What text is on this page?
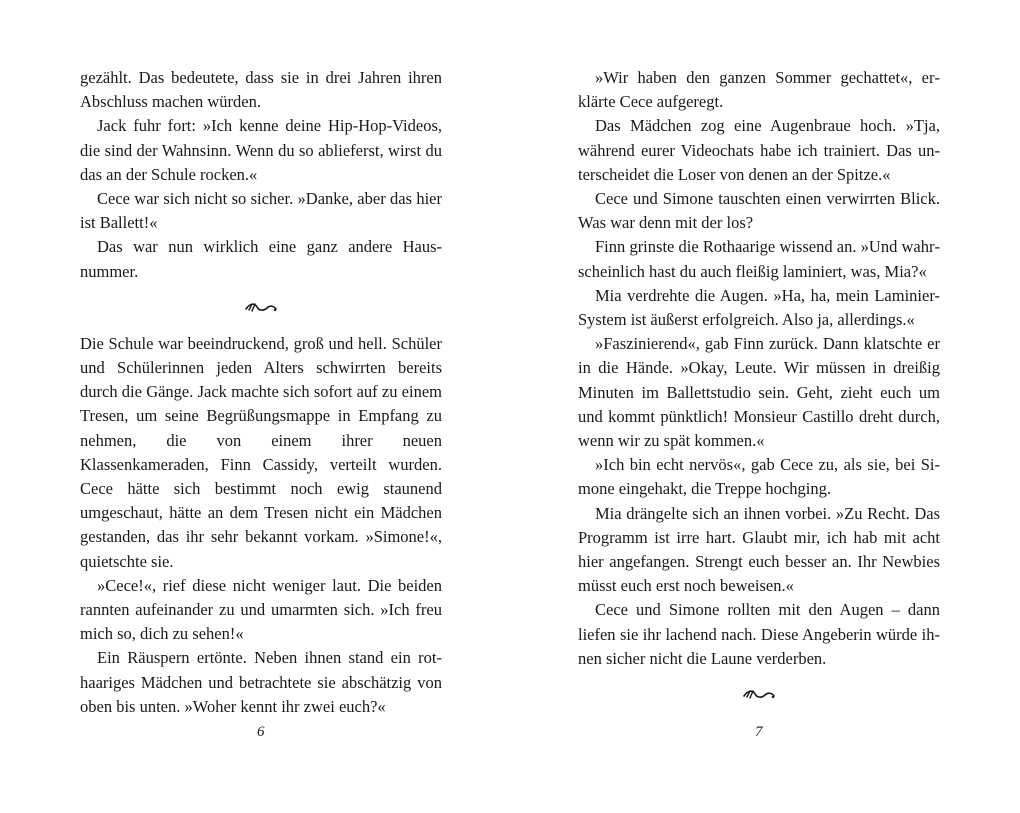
gezählt. Das bedeutete, dass sie in drei Jahren ihren Abschluss machen würden.

Jack fuhr fort: »Ich kenne deine Hip-Hop-Videos, die sind der Wahnsinn. Wenn du so ablieferst, wirst du das an der Schule rocken.«

Cece war sich nicht so sicher. »Danke, aber das hier ist Ballett!«

Das war nun wirklich eine ganz andere Hausnummer.

Die Schule war beeindruckend, groß und hell. Schüler und Schülerinnen jeden Alters schwirrten bereits durch die Gänge. Jack machte sich sofort auf zu einem Tresen, um seine Begrüßungsmappe in Empfang zu nehmen, die von einem ihrer neuen Klassenkameraden, Finn Cassidy, verteilt wurden. Cece hätte sich bestimmt noch ewig staunend umgeschaut, hätte an dem Tresen nicht ein Mädchen gestanden, das ihr sehr bekannt vorkam. »Simone!«, quietschte sie.

»Cece!«, rief diese nicht weniger laut. Die beiden rannten aufeinander zu und umarmten sich. »Ich freu mich so, dich zu sehen!«

Ein Räuspern ertönte. Neben ihnen stand ein rothaariges Mädchen und betrachtete sie abschätzig von oben bis unten. »Woher kennt ihr zwei euch?«

6

»Wir haben den ganzen Sommer gechattet«, erklärte Cece aufgeregt.

Das Mädchen zog eine Augenbraue hoch. »Tja, während eurer Videochats habe ich trainiert. Das unterscheidet die Loser von denen an der Spitze.«

Cece und Simone tauschten einen verwirrten Blick. Was war denn mit der los?

Finn grinste die Rothaarige wissend an. »Und wahrscheinlich hast du auch fleißig laminiert, was, Mia?«

Mia verdrehte die Augen. »Ha, ha, mein Laminier-System ist äußerst erfolgreich. Also ja, allerdings.«

»Faszinierend«, gab Finn zurück. Dann klatschte er in die Hände. »Okay, Leute. Wir müssen in dreißig Minuten im Ballettstudio sein. Geht, zieht euch um und kommt pünktlich! Monsieur Castillo dreht durch, wenn wir zu spät kommen.«

»Ich bin echt nervös«, gab Cece zu, als sie, bei Simone eingehakt, die Treppe hochging.

Mia drängelte sich an ihnen vorbei. »Zu Recht. Das Programm ist irre hart. Glaubt mir, ich hab mit acht hier angefangen. Strengt euch besser an. Ihr Newbies müsst euch erst noch beweisen.«

Cece und Simone rollten mit den Augen – dann liefen sie ihr lachend nach. Diese Angeberin würde ihnen sicher nicht die Laune verderben.

7
